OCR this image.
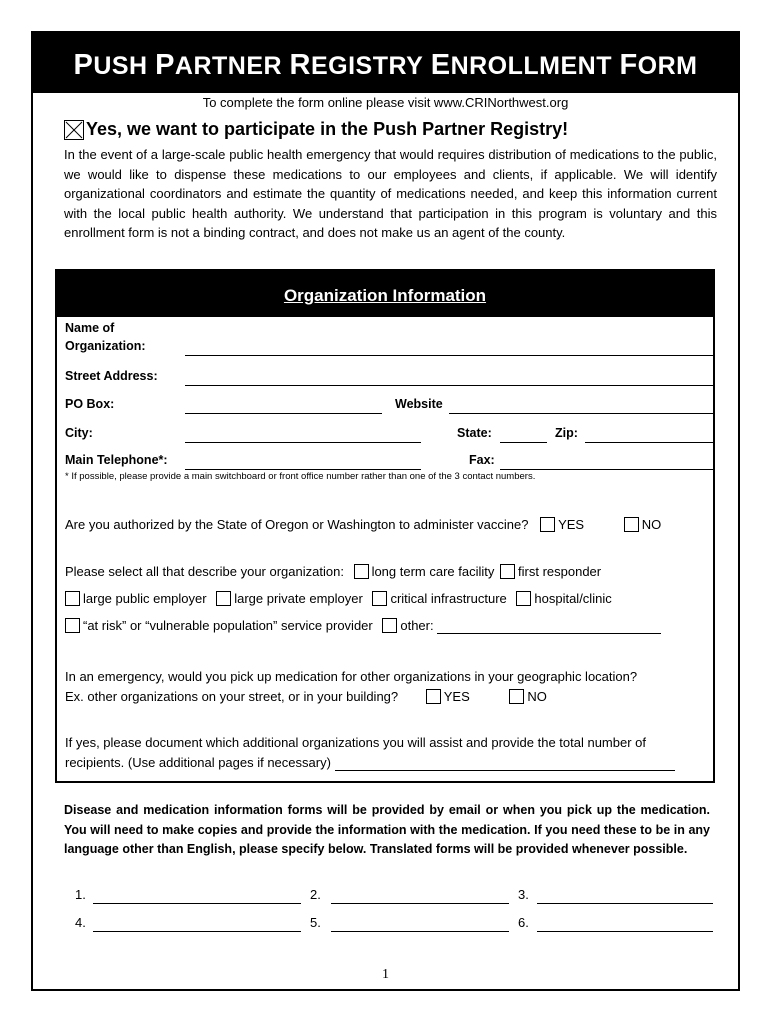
PUSH PARTNER REGISTRY ENROLLMENT FORM
To complete the form online please visit www.CRINorthwest.org
Yes, we want to participate in the Push Partner Registry!
In the event of a large-scale public health emergency that would requires distribution of medications to the public, we would like to dispense these medications to our employees and clients, if applicable. We will identify organizational coordinators and estimate the quantity of medications needed, and keep this information current with the local public health authority. We understand that participation in this program is voluntary and this enrollment form is not a binding contract, and does not make us an agent of the county.
Organization Information
Name of
Organization:
Street Address:
PO Box:	Website
City:	State:	Zip:
Main Telephone*:	Fax:
* If possible, please provide a main switchboard or front office number rather than one of the 3 contact numbers.
Are you authorized by the State of Oregon or Washington to administer vaccine? YES	NO
Please select all that describe your organization: long term care facility first responder
large public employer large private employer critical infrastructure hospital/clinic
“at risk” or “vulnerable population” service provider other:
In an emergency, would you pick up medication for other organizations in your geographic location?
Ex. other organizations on your street, or in your building?	YES	NO
If yes, please document which additional organizations you will assist and provide the total number of
recipients. (Use additional pages if necessary)
Disease and medication information forms will be provided by email or when you pick up the medication. You will need to make copies and provide the information with the medication. If you need these to be in any language other than English, please specify below. Translated forms will be provided whenever possible.
1.	2.	3.
4.	5.	6.
1
